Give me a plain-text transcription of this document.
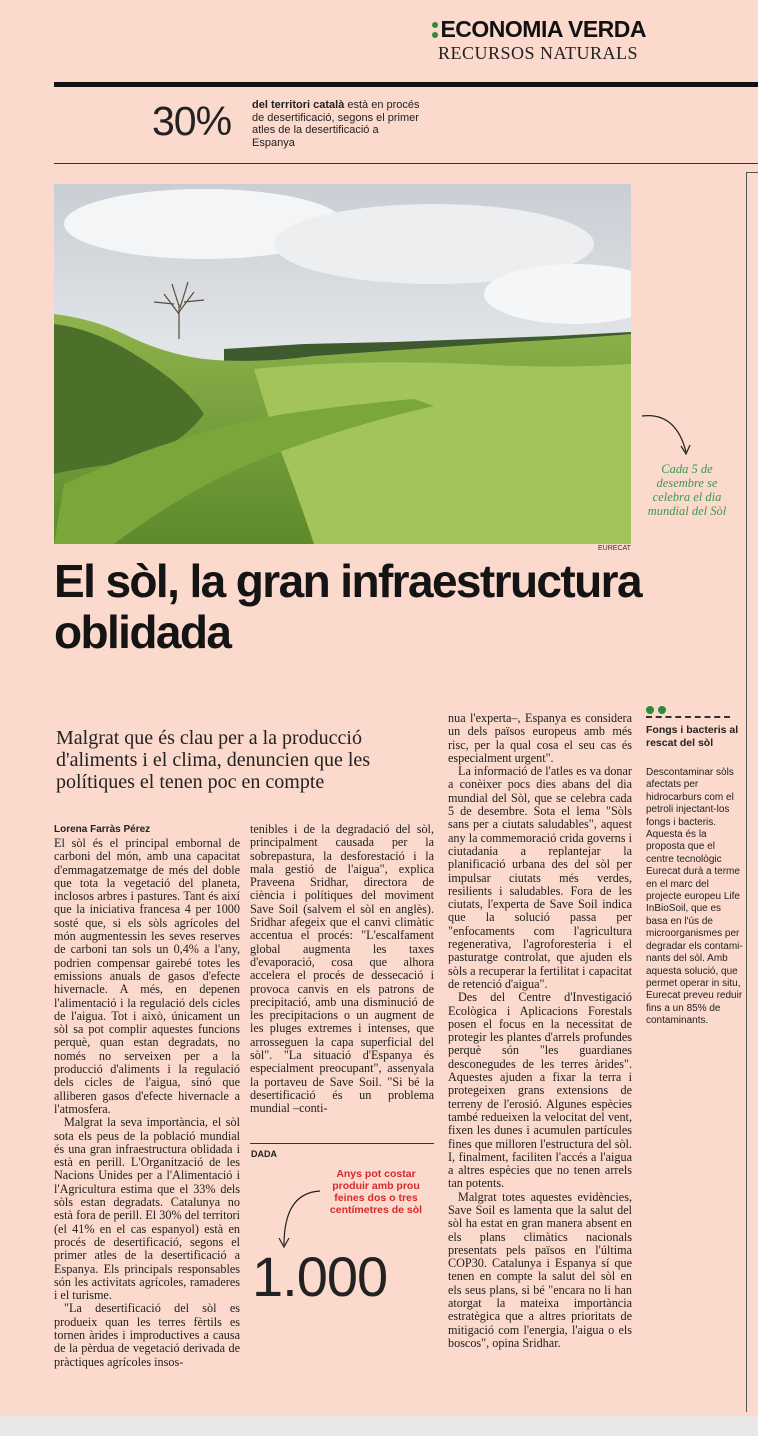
ECONOMIA VERDA
RECURSOS NATURALS
30% del territori català està en procés de desertificació, segons el primer atles de la desertificació a Espanya
EURECAT
Cada 5 de desembre se celebra el dia mundial del Sòl
El sòl, la gran infraestructura oblidada
Malgrat que és clau per a la producció d'aliments i el clima, denuncien que les polítiques el tenen poc en compte
Lorena Farràs Pérez

El sòl és el principal embornal de carboni del món, amb una capacitat d'emmagatzematge de més del doble que tota la vegetació del planeta, inclosos arbres i pastures. Tant és així que la iniciativa francesa 4 per 1000 sosté que, si els sòls agrícoles del món augmentessin les seves reserves de carboni tan sols un 0,4% a l'any, podrien compensar gairebé totes les emissions anuals de gasos d'efecte hivernacle. A més, en depenen l'alimentació i la regulació dels cicles de l'aigua. Tot i això, únicament un sòl sa pot complir aquestes funcions perquè, quan estan degradats, no només no serveixen per a la producció d'aliments i la regulació dels cicles de l'aigua, sinó que alliberen gasos d'efecte hivernacle a l'atmosfera.

Malgrat la seva importància, el sòl sota els peus de la població mundial és una gran infraestructura oblidada i està en perill. L'Organització de les Nacions Unides per a l'Alimentació i l'Agricultura estima que el 33% dels sòls estan degradats. Catalunya no està fora de perill. El 30% del territori (el 41% en el cas espanyol) està en procés de desertificació, segons el primer atles de la desertificació a Espanya. Els principals responsables són les activitats agrícoles, ramaderes i el turisme.

"La desertificació del sòl es produeix quan les terres fèrtils es tornen àrides i improductives a causa de la pèrdua de vegetació derivada de pràctiques agrícoles insos-

tenibles i de la degradació del sòl, principalment causada per la sobrepastura, la desforestació i la mala gestió de l'aigua", explica Praveena Sridhar, directora de ciència i polítiques del moviment Save Soil (salvem el sòl en anglès). Sridhar afegeix que el canvi climàtic accentua el procés: "L'escalfament global augmenta les taxes d'evaporació, cosa que alhora accelera el procés de dessecació i provoca canvis en els patrons de precipitació, amb una disminució de les precipitacions o un augment de les pluges extremes i intenses, que arrosseguen la capa superficial del sòl". "La situació d'Espanya és especialment preocupant", assenyala la portaveu de Save Soil. "Si bé la desertificació és un problema mundial –conti-

DADA
Anys pot costar produir amb prou feines dos o tres centímetres de sòl
1.000

nua l'experta–, Espanya es considera un dels països europeus amb més risc, per la qual cosa el seu cas és especialment urgent".

La informació de l'atles es va donar a conèixer pocs dies abans del dia mundial del Sòl, que se celebra cada 5 de desembre. Sota el lema "Sòls sans per a ciutats saludables", aquest any la commemoració crida governs i ciutadania a replantejar la planificació urbana des del sòl per impulsar ciutats més verdes, resilients i saludables. Fora de les ciutats, l'experta de Save Soil indica que la solució passa per "enfocaments com l'agricultura regenerativa, l'agroforesteria i el pasturatge controlat, que ajuden els sòls a recuperar la fertilitat i capacitat de retenció d'aigua".

Des del Centre d'Investigació Ecològica i Aplicacions Forestals posen el focus en la necessitat de protegir les plantes d'arrels profundes perquè són "les guardianes desconegudes de les terres àrides". Aquestes ajuden a fixar la terra i protegeixen grans extensions de terreny de l'erosió. Algunes espècies també redueixen la velocitat del vent, fixen les dunes i acumulen partícules fines que milloren l'estructura del sòl. I, finalment, faciliten l'accés a l'aigua a altres espècies que no tenen arrels tan potents.

Malgrat totes aquestes evidències, Save Soil es lamenta que la salut del sòl ha estat en gran manera absent en els plans climàtics nacionals presentats pels països en l'última COP30. Catalunya i Espanya sí que tenen en compte la salut del sòl en els seus plans, si bé "encara no li han atorgat la mateixa importància estratègica que a altres prioritats de mitigació com l'energia, l'aigua o els boscos", opina Sridhar.

Fongs i bacteris al rescat del sòl
Descontaminar sòls afectats per hidrocarburs com el petroli injectant-los fongs i bacteris. Aquesta és la proposta que el centre tecnològic Eurecat durà a terme en el marc del projecte europeu Life InBioSoil, que es basa en l'ús de microorganismes per degradar els contami-nants del sòl. Amb aquesta solució, que permet operar in situ, Eurecat preveu reduir fins a un 85% de contaminants.
